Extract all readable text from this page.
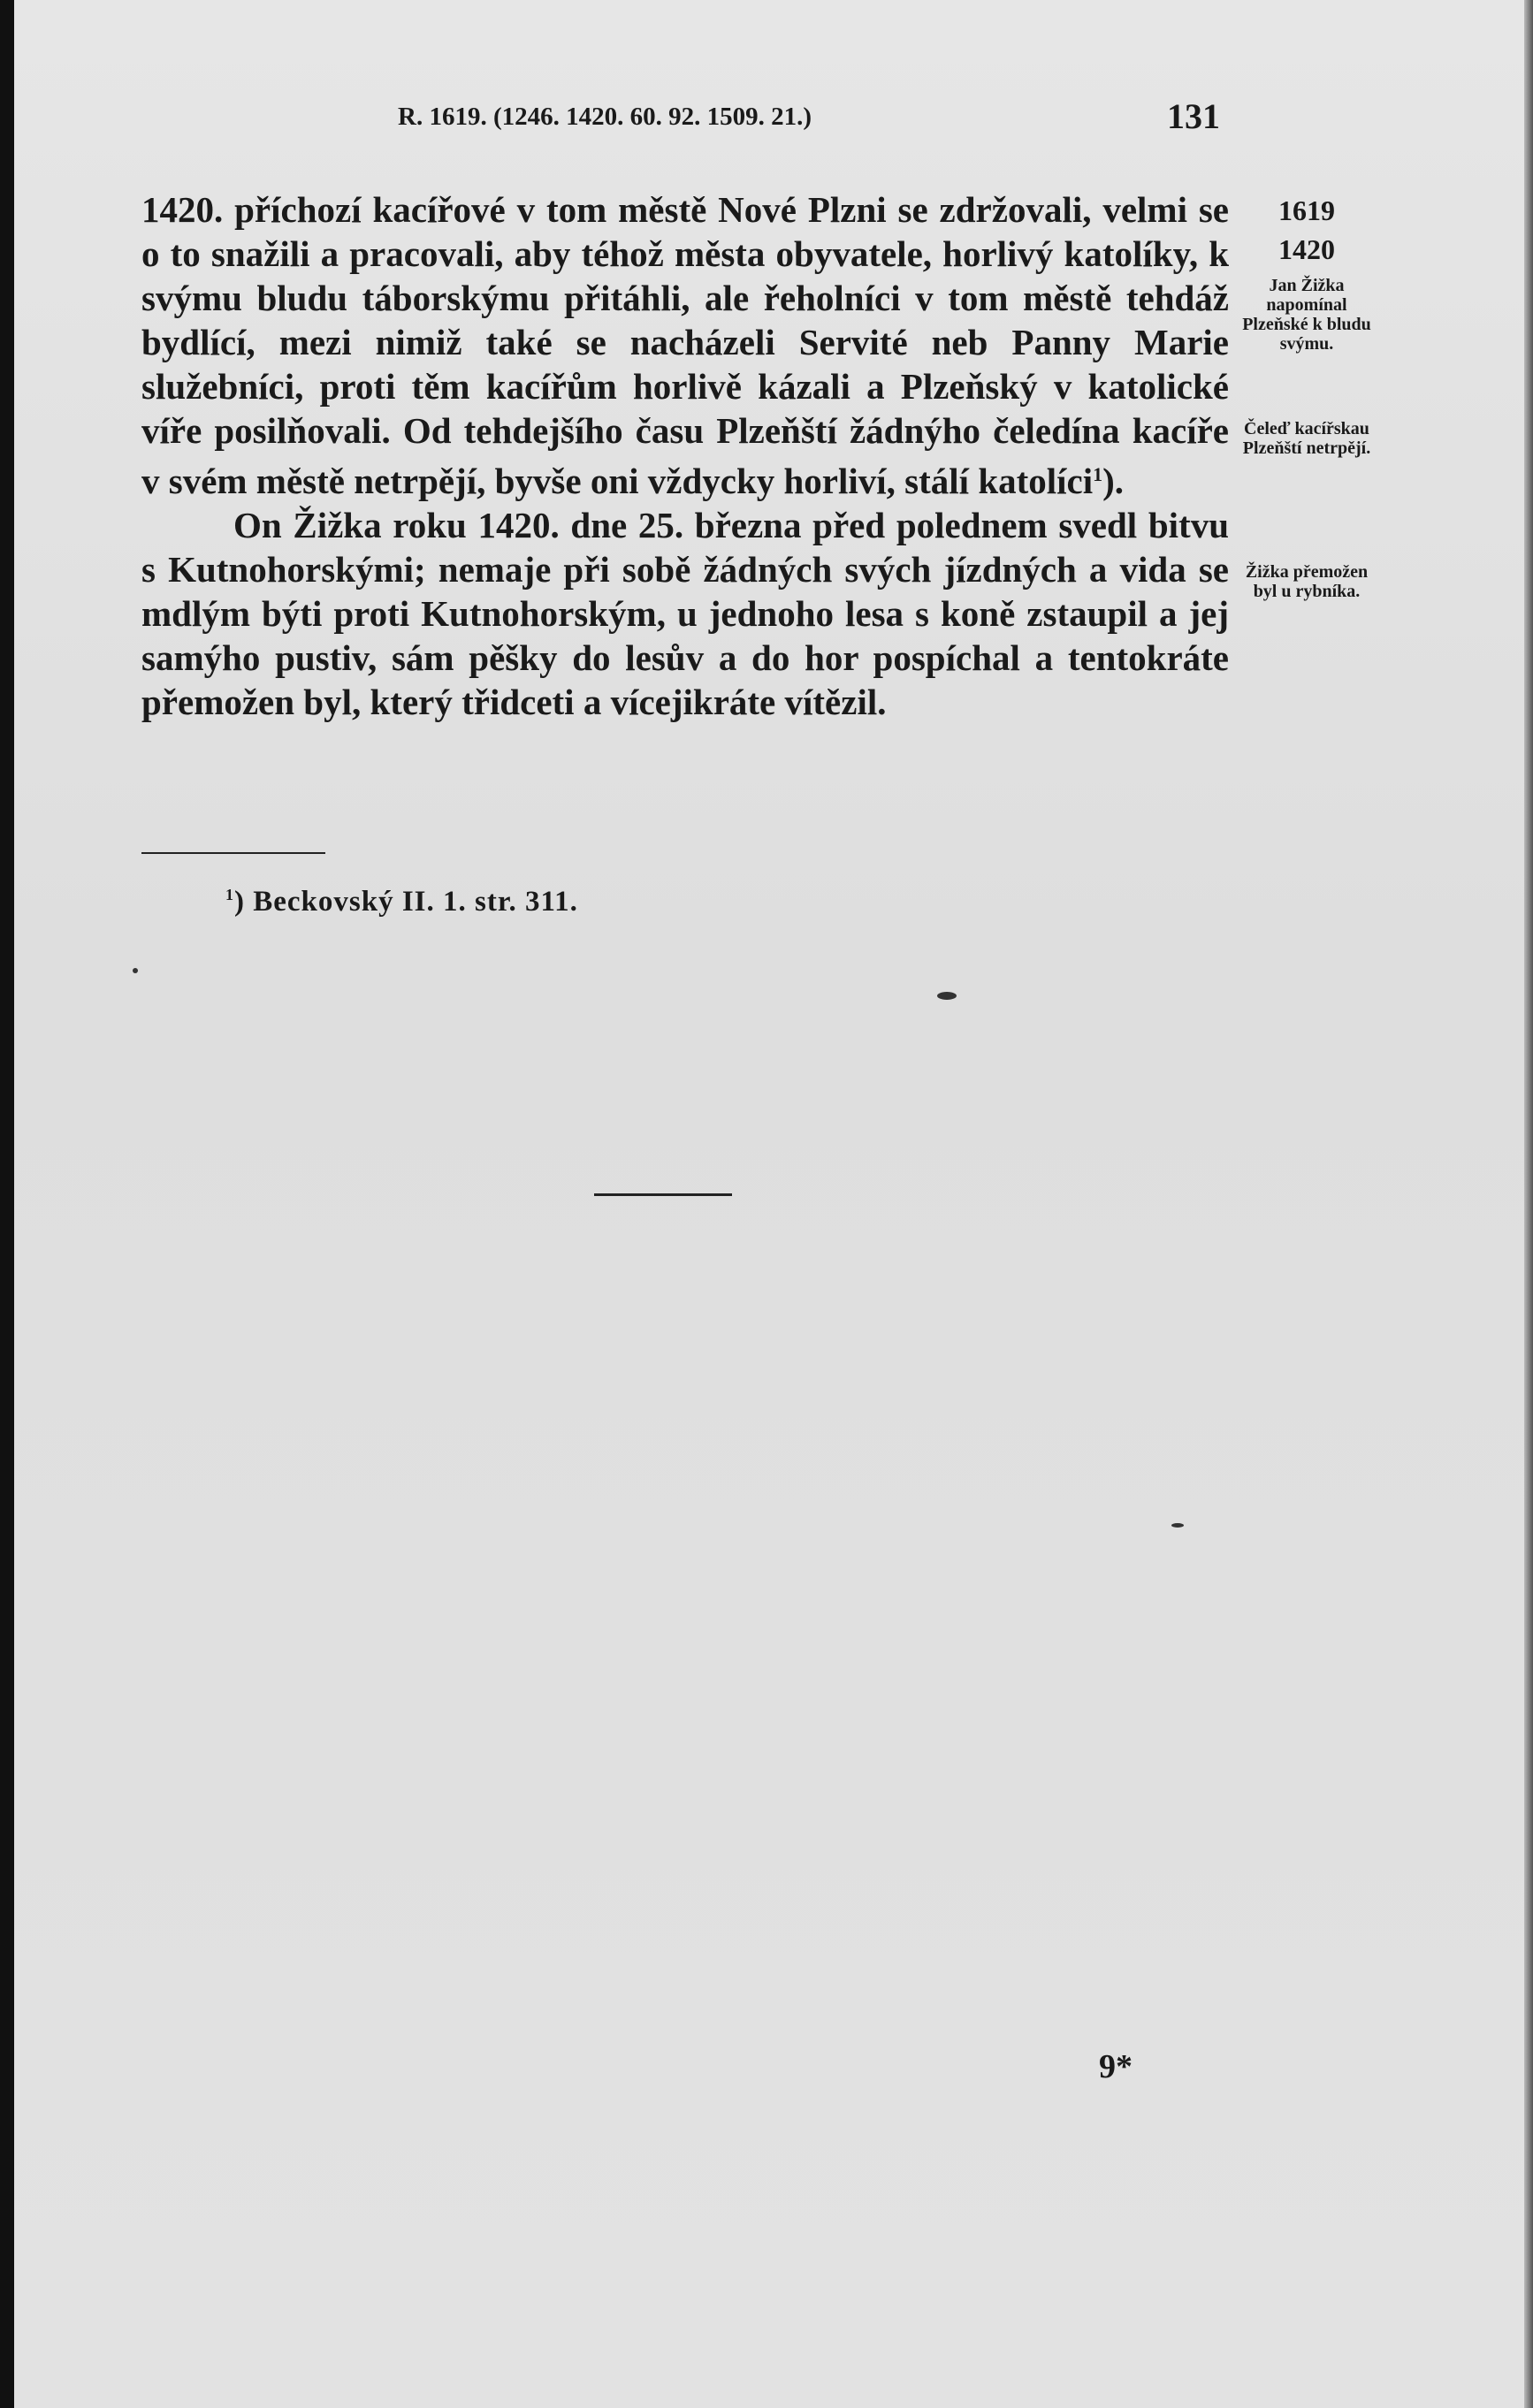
R. 1619. (1246. 1420. 60. 92. 1509. 21.)	131

1420. příchozí kacířové v tom městě Nové Plzni se zdržovali, velmi se o to snažili a pracovali, aby téhož města obyvatele, horlivý katolíky, k svýmu bludu táborskýmu přitáhli, ale řeholníci v tom městě tehdáž bydlící, mezi nimiž také se nacházeli Servité neb Panny Marie služebníci, proti těm kacířům horlivě kázali a Plzeňský v katolické víře posilňovali. Od tehdejšího času Plzeňští žádnýho čeledína kacíře v svém městě netrpějí, byvše oni vždycky horliví, stálí katolíci$^1$).

On Žižka roku 1420. dne 25. března před polednem svedl bitvu s Kutnohorskými; nemaje při sobě žádných svých jízdných a vida se mdlým býti proti Kutnohorským, u jednoho lesa s koně zstaupil a jej samýho pustiv, sám pěšky do lesův a do hor pospíchal a tentokráte přemožen byl, který třidceti a vícejikráte vítězil.

1619
1420
Jan Žižka napomínal Plzeňské k bludu svýmu.
Čeleď kacířskau Plzeňští netrpějí.
Žižka přemožen byl u rybníka.
$^1$) Beckovský II. 1. str. 311.
9*
